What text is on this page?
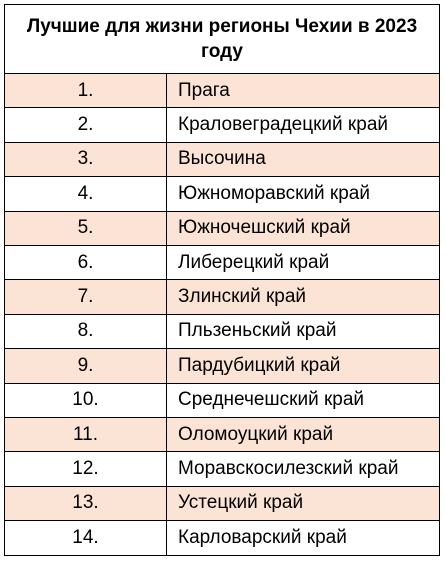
Лучшие для жизни регионы Чехии в 2023 году
1.	Прага
2.	Краловеградецкий край
3.	Высочина
4.	Южноморавский край
5.	Южночешский край
6.	Либерецкий край
7.	Злинский край
8.	Пльзеньский край
9.	Пардубицкий край
10.	Среднечешский край
11.	Оломоуцкий край
12.	Моравскосилезский край
13.	Устецкий край
14.	Карловарский край
